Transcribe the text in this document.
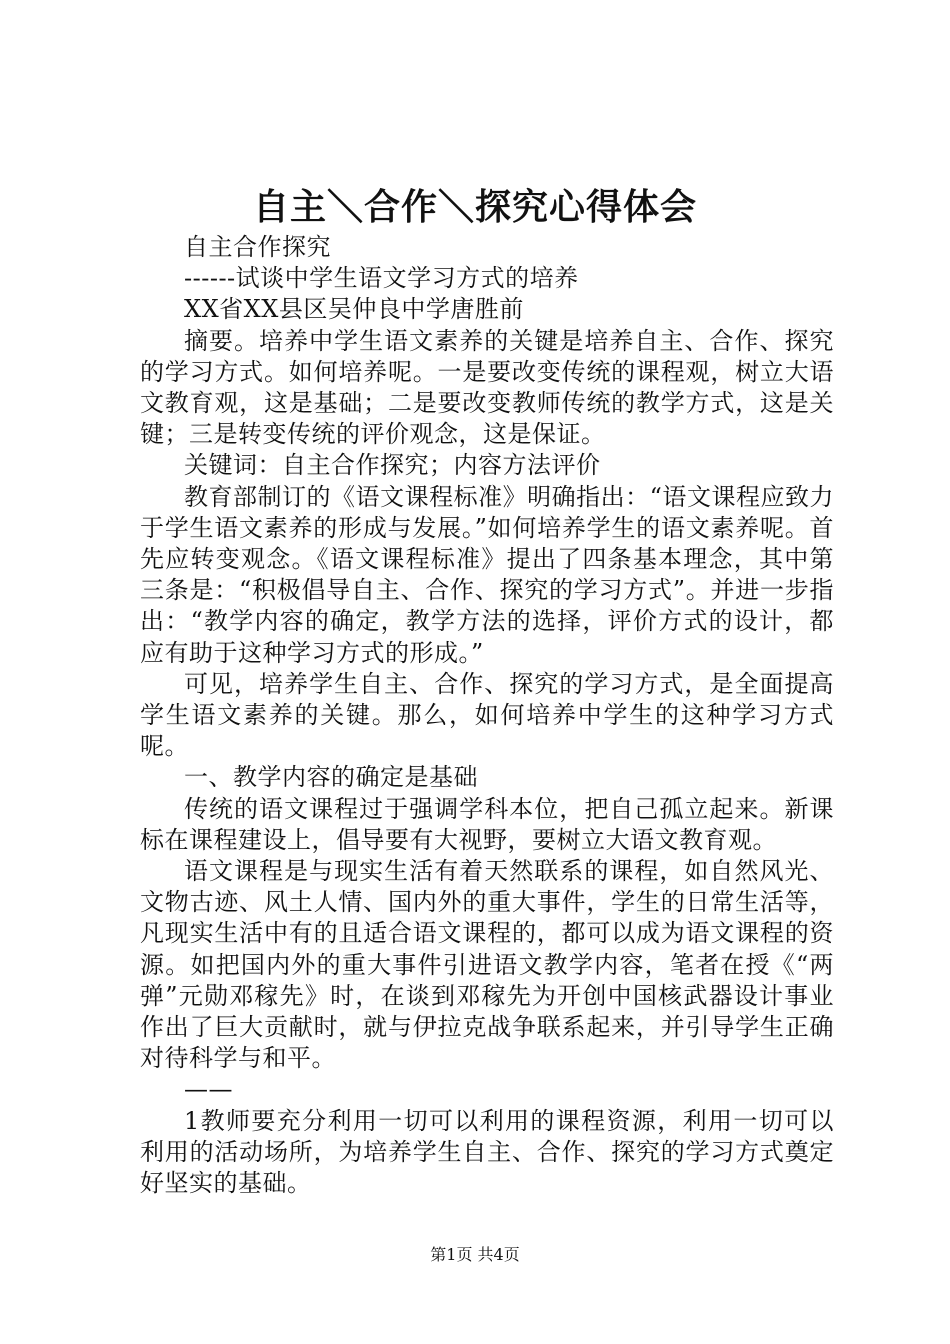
自主＼合作＼探究心得体会

自主合作探究

------试谈中学生语文学习方式的培养

XX省XX县区吴仲良中学唐胜前

摘要。培养中学生语文素养的关键是培养自主、合作、探究的学习方式。如何培养呢。一是要改变传统的课程观，树立大语文教育观，这是基础；二是要改变教师传统的教学方式，这是关键；三是转变传统的评价观念，这是保证。

关键词：自主合作探究；内容方法评价

教育部制订的《语文课程标准》明确指出：“语文课程应致力于学生语文素养的形成与发展。”如何培养学生的语文素养呢。首先应转变观念。《语文课程标准》提出了四条基本理念，其中第三条是：“积极倡导自主、合作、探究的学习方式”。并进一步指出：“教学内容的确定，教学方法的选择，评价方式的设计，都应有助于这种学习方式的形成。”

可见，培养学生自主、合作、探究的学习方式，是全面提高学生语文素养的关键。那么，如何培养中学生的这种学习方式呢。

一、教学内容的确定是基础

传统的语文课程过于强调学科本位，把自己孤立起来。新课标在课程建设上，倡导要有大视野，要树立大语文教育观。

语文课程是与现实生活有着天然联系的课程，如自然风光、文物古迹、风土人情、国内外的重大事件，学生的日常生活等，凡现实生活中有的且适合语文课程的，都可以成为语文课程的资源。如把国内外的重大事件引进语文教学内容，笔者在授《“两弹”元勋邓稼先》时，在谈到邓稼先为开创中国核武器设计事业作出了巨大贡献时，就与伊拉克战争联系起来，并引导学生正确对待科学与和平。

——

1教师要充分利用一切可以利用的课程资源，利用一切可以利用的活动场所，为培养学生自主、合作、探究的学习方式奠定好坚实的基础。

第1页 共4页
